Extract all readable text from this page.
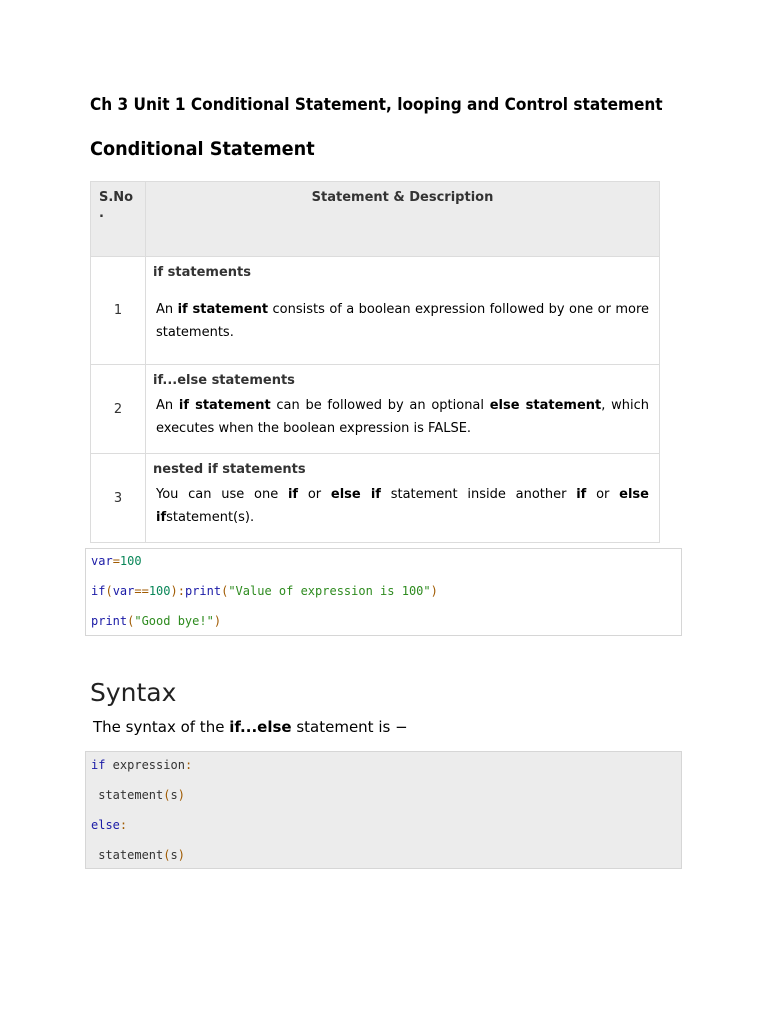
Ch 3 Unit 1 Conditional Statement, looping and Control statement
Conditional Statement
S.No
.	Statement & Description
1	if statements
An if statement consists of a boolean expression followed by one or more statements.

2	if...else statements
An if statement can be followed by an optional else statement, which executes when the boolean expression is FALSE.

3	nested if statements
You can use one if or else if statement inside another if or else ifstatement(s).
var=100
if(var==100):print("Value of expression is 100")
print("Good bye!")
Syntax

The syntax of the if...else statement is −

if expression:
statement(s)
else:
statement(s)
